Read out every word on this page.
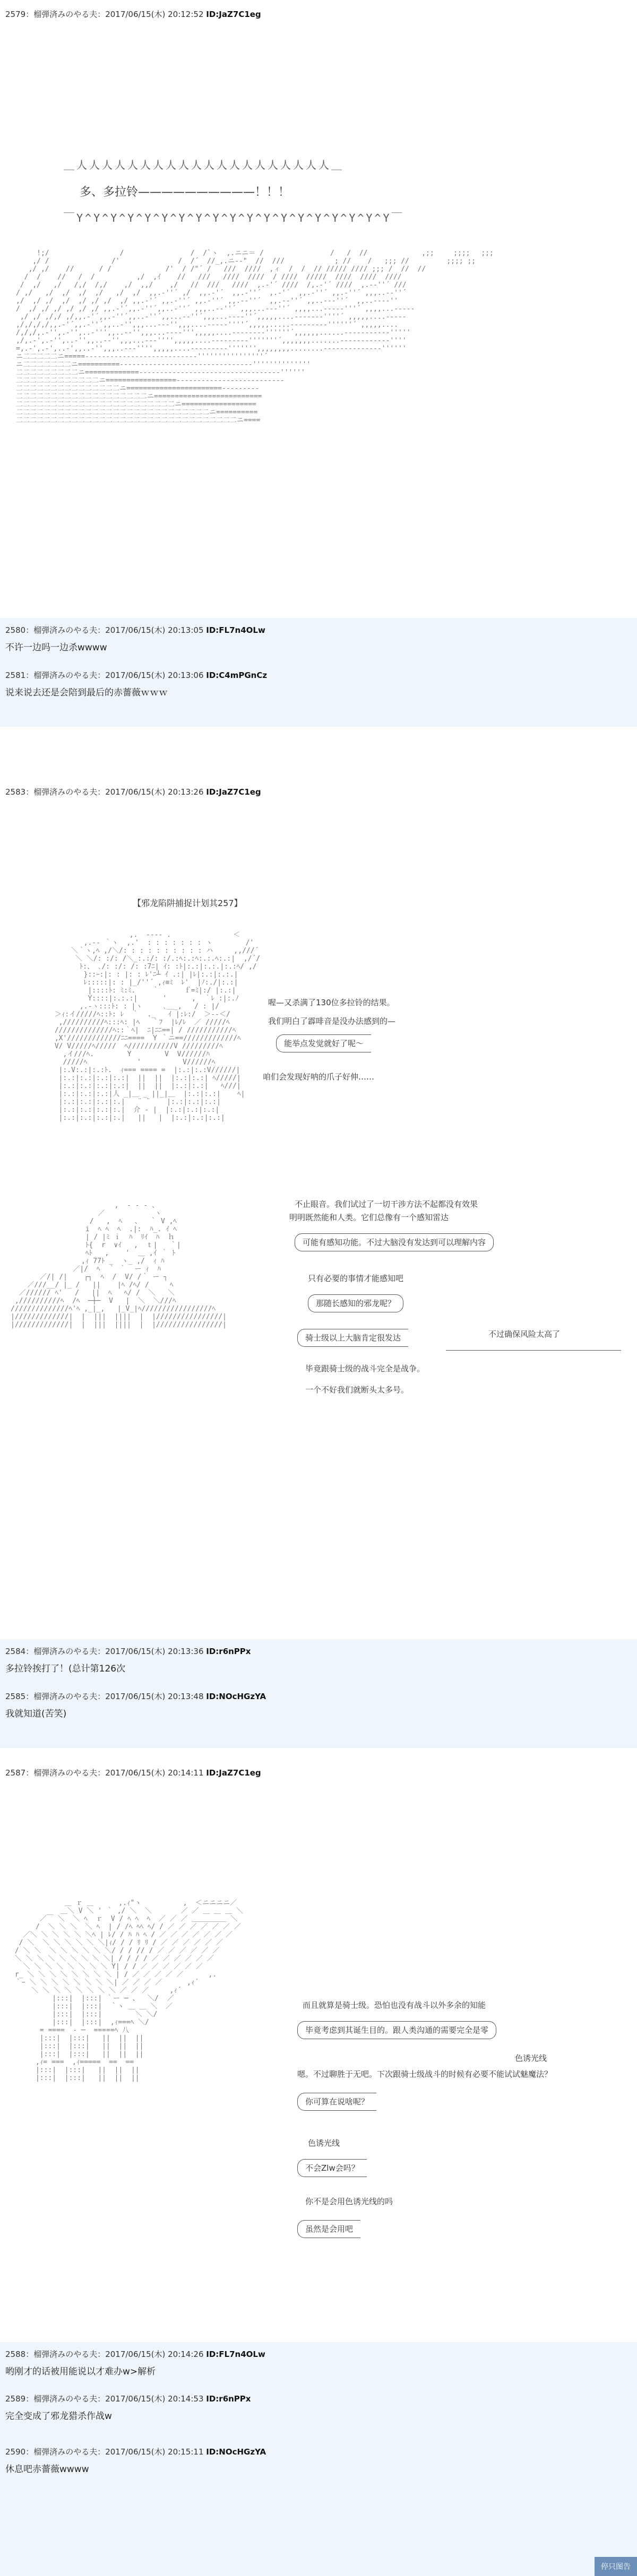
2579：榴弾済みのやる夫：2017/06/15(木) 20:12:52 ID:JaZ7C1eg
＿人人人人人人人人人人人人人人人人人人人人＿
多、多拉铃——————————！！！
￣Y^Y^Y^Y^Y^Y^Y^Y^Y^Y^Y^Y^Y^Y^Y^Y^Y^Y^Y￣
!;/                 /                /  /`ヽ  ,.ニニ＝ /                /   /  //             ,;;　   ;;;;　 ;;;
,/ /               /'              /  /´  //_,.ニ-‐"  //  ///            ; //    /   ;;; //         ;;;; ;;
,/ ,/    //      / /             /'  / /"´ /   ///  ////  ,ィ  /  /  // ///// //// ;;; /  //  //
/  /    //   /  /          ,/  ,ｲ    //   ///   ////  ////  / ////  /////  ////  ////  ////
/  ,/   ,/   /,/  /,/    ,/  ,,/    ,/   //  ///   ////  ,.-'´ ////  /,.-'´ ////  ,.-‐''´ ///
/ ,/   ,/  ,/  ,/  ,/   ,/  ,/  ,,.-''´ ,/  ,,.-'´  ,,.-''´  ,.-'´  ,,.-''´ ,,.-''´ ,,,..-‐''´
,/  ,/ ,/  ,/  ,/ ,/ ,/  ,/ ,,.-'´ ,,.-''´ ,,.-''´ ,,.--''´  ,,.-‐''´ ,,..--‐''´  ,,..--‐‐''
/  ,/ ,/ ,/ ,/ ,/ ,/ ,,.-'´,,.-''´,,..-''´ ,,,..-‐''´ ,,,...--‐''´ ,,,,...---‐‐'''´ ,,,,...---‐‐
,/ ,/ ,/,/ ,/,,.-'´,,.-''´,,..-''´,,...--''´,,,...---‐''´,,,,,....----‐‐‐''''´ ,,,,,....-----
,/,/,/,/,,.-'´,,.-''´,,..-'',,,...--‐'',,,....---‐‐''''´,,,,,.....------‐‐‐''''''´ ,,,,,....
/,/,/,.-'',.-'',..-''',,..--'',,,...---‐''',,,,,....-----‐‐‐''''''´,,,,,,......-------‐‐‐‐'''''
,/,.-',.-'',..-'',,..--'',,,...---'''',,,,,....------‐‐‐'''''''´,,,,,,,.......--------‐‐‐‐''''
=,.-',.-',..-',,..-'',,,..---'''',,,,,....------‐‐‐''''''',,,,,,,,........---------‐‐‐‐‐''''''
ニ二二二二二ニ=====------------------‐‐‐‐‐‐‐‐‐''''''''''''''''´
ニ二二二二二二二ニ==========---------------------‐‐‐‐‐‐‐‐‐‐‐''''''''''''''
二二二二二二二二二ニ=============-------------------------‐‐‐‐‐‐‐‐‐''''''
二二二二二二二二二二二二ニ=================--------------------------
二二二二二二二二二二二二二二二ニ=======================---------
二二二二二二二二二二二二二二二二二二二ニ==========================
二二二二二二二二二二二二二二二二二二二二二二二ニ==================
二二二二二二二二二二二二二二二二二二二二二二二二二二二二ニ==========
二二二二二二二二二二二二二二二二二二二二二二二二二二二二二二二二ニ====

2580：榴弾済みのやる夫：2017/06/15(木) 20:13:05 ID:FL7n4OLw
不许一边吗一边杀wwww
2581：榴弾済みのやる夫：2017/06/15(木) 20:13:06 ID:C4mPGnCz
说来说去还是会陪到最后的赤薔薇ｗｗｗ
2583：榴弾済みのやる夫：2017/06/15(木) 20:13:26 ID:JaZ7C1eg
【邪龙陷阱捕捉计划其257】
,.  -‐‐- .               ＜
,.-‐ ｀ヽ  ,.'  : : : : : : : ヽ        /'
＼｀ヽ,ﾍ ,/＼/: : : : : : : : : : ハ     ,,///´
＼ ＼/: :/: /＼_:.:/: :/.:ﾍ:.:ﾍ:.:.ﾍ:.:|  ,/´/
ﾄ:、 ､/: :/: /: :7ﾆ| ｲ: :ﾄ|:.:|:.:.|:.:ﾍ/ ,/
}::ｰ:|: : |: : ﾚ'ﾆ┴ ｲ .:| |ﾚ|:.:|:.:.|
ﾚ:::::|: : |_/''´ ,ｨ≡ﾐ  ﾚ'  |ﾉ:./|:.:|
|::::ﾄ: ﾐ:ﾐ.    ｀      ｆ=ﾐ|:/ |:.:|
Y::::|:.:.:|      '      ,  ｀ﾚ :|:.ﾉ
,.-ヽ:::ﾄ: : |ヽ     ､＿_,   / : |/
＞ｨ:イ/////ﾍ::ﾄ: ﾚ  ｀  ._   ｲ |:ﾚ:/  ＞‐‐＜/
,//////////ﾍ:::ﾍ: |ﾍ   ｀ﾌ  |ﾚ/ﾚ  ／ /////ﾍ
//////////////ﾍ::｀ﾍ|  ﾆ|ﾆﾆ==| / ///////////ﾍ
,X'/////////////ﾆﾆ====  Y ｀ニ==/////////////ﾍ
V/ V/////ﾍ/////  ﾍ///////////V /////////ﾍ
,イ///ﾍ.        Y        V  V//////ﾊ
/////ﾍ            '          V//////ﾍ
|:.V:.:|:.:ﾄ.  ｨ=== ==== =  |:.:|:.:V//////|
|:.:|:.:|:.:|:.:|  ||  ||  |:.:|:.:| ﾍ/////|
|:.:|:.:|:.:|:.:|  ||  ||  |:.:|:.:|   ﾍ///|
|:.:|:.:|:.:|人 _|＿ _ ||_|＿  |:.:|:.:|    ﾍ|
|:.:|:.:|:.:|:.|   ¨ ¨    |:.:|:.:|:.:|
|:.:|:.:|:.:|:.|  介 ‐ |  |:.:|:.:|:.:|
|:.:|:.:|:.:|:.|   ||   |  |:.:|:.:|:.:|

喔—又杀满了130位多拉铃的结果。
我们明白了霹啡音是没办法感到的—
能举点发觉就好了呢～
咱们会发现好呐的爪子好伸……
,  ‐ ‐ ‐ 、
／            ヽ
/   ,  ﾍ   、  ｀ V ,ﾍ
i  ﾍ ﾍ  ﾍ  .|:  ﾊ_. ｲ ﾍ
| / |ﾐ ｉ  ﾊ  ﾘｲ  ﾊ  ｈ
ﾄ{  r  ∨ｲ   ,  ｔ|   ｀|
ﾍﾄ   ,    '  ＿ ,ｲ ｀ ﾄ
,ｨ 77ﾄ _  ヽ_ ,/  ｨ ﾊ
／|/  ﾍ  ｀ ｀  ー ｨ  ﾊ
／/| /|    ┌┐  ﾍ  /  V/ /｀ ー ┐
／///__/ |_ /   ||    |ﾍ /ﾍ/ /     ﾍ
／////// ﾍ'   /   ||  ﾍ   ﾍ/ /  ＼   ＼
,//////////ﾍ  /ﾍ  ─┼─  V   |  ＼  ＼///ﾍ
//////////////ﾍ'ﾍ ,_|_,   |_V_|ﾍ/////////////////ﾍ
|/////////////|  |  |||  ||||  |  |////////////////|
|/////////////|  |  |||  ||||  |  |////////////////|

不止眼音。我们试过了一切干涉方法不起都没有效果
明明既然能和人类。它们总像有一个感知雷达
可能有感知功能。不过大脑没有发达到可以理解内容
只有必要的事情才能感知吧
那随长感知的邪龙呢？
骑士级以上大脑肯定很发达	不过确保风险太高了
毕竟跟骑士级的战斗完全是战争。
一个不好我们就断头太多号。
2584：榴弾済みのやる夫：2017/06/15(木) 20:13:36 ID:r6nPPx
多拉铃挨打了！(总计第126次
2585：榴弾済みのやる夫：2017/06/15(木) 20:13:48 ID:NOcHGzYA
我就知道(苦笑)
2587：榴弾済みのやる夫：2017/06/15(木) 20:14:11 ID:JaZ7C1eg
＿ ｒ ＿      ,.ｨ"ヽ          ,  ＜ニニニニ／
＿＼ V ＼ ' ｀ ,/ ＼  ＼       ／ ／ ＿ ＿ ＿ ＼
／￣ ＼  ＼ ﾍ  ｒ  V / ﾍ ﾍ  ﾍ  ／ ／ ／ ＿＿＿＿＿ ＼
/  ＼ ＼ ＼  ＼ ﾍ  | / /ﾍ ﾍﾍ ﾍ/ / ／ ／ ／ ／ ／ ／ ／
／＼ ＼ ＼ ＼ ＼ ＼ﾍ | ﾚ/ / ﾊ ﾊ ﾍ / ／ ／ ／ ／ ／ ／ ／
/ ＼  ＼ ＼ ＼ ＼ ＼ ＼|ｨ/ / / ﾘ ﾘ / ／ ／ ／ ／ ／ ／
/ ＼ ＼  ＼ ＼ ＼ ＼ ＼ ＼/ / / // / ／ ／ ／ ／ ／ ／
＼ ＼ ＼ ＼ ＼ ＼ ＼ ＼ ＼| / / / / ／ ／ ／ ／ ／ ／
＼ ＼ ＼ ＼ ＼ ＼ ＼ ＼ Y| / / ／ ／ ／ ／ ／ ／
r_ ＼ ＼ ＼ ＼ ＼ ＼ ＼ ＼ | / ／ ／ ／ ／ ／      ,.
｀ｰ ＼ ＼ ＼ ＼ ＼ ＼ ＼ ＼| ／ ／ ／ ／      ,ｨ´
＼ ＼ ＼ ＼ ＼ ＼ ＼ ＼ ／ ／ ／     ,ｨ´
|:::|  |:::| ｀ー ─ 、  ＼/  ／
|:::|  |:::|  ｀ヽ ＿ ＿ ＼  ／
|:::|  |:::|        ＼ ＼/
|:::|  |:::|  ,ｨ===ﾍ ＼/
= ====  ‐ ─  =====ﾍ 八
|:::|  |:::|   ||  ||  ||
|:::|  |:::|   ||  ||  ||
|:::|  |:::|   ||  ||  ||
,ｨ= ===  ,ｨ=====  ==  ==
|:::|  |:::|   ||  ||  ||
|:::|  |:::|   ||  ||  ||

而且就算是骑士级。恐怕也没有战斗以外多余的知能
毕竟考虑到其诞生目的。跟人类沟通的需要完全是零
色诱光线
嗯。不过聊胜于无吧。下次跟骑士级战斗的时候有必要不能试试魅魔法？
你可算在说啥呢？
色诱光线
不会Zlw会吗？
你不是会用色诱光线的吗
虽然是会用吧
2588：榴弾済みのやる夫：2017/06/15(木) 20:14:26 ID:FL7n4OLw
哟刚才的话被用能说以才难办w>解析
2589：榴弾済みのやる夫：2017/06/15(木) 20:14:53 ID:r6nPPx
完全变成了邪龙猎杀作战w
2590：榴弾済みのやる夫：2017/06/15(木) 20:15:11 ID:NOcHGzYA
休息吧赤薔薇wwww
停只图告
